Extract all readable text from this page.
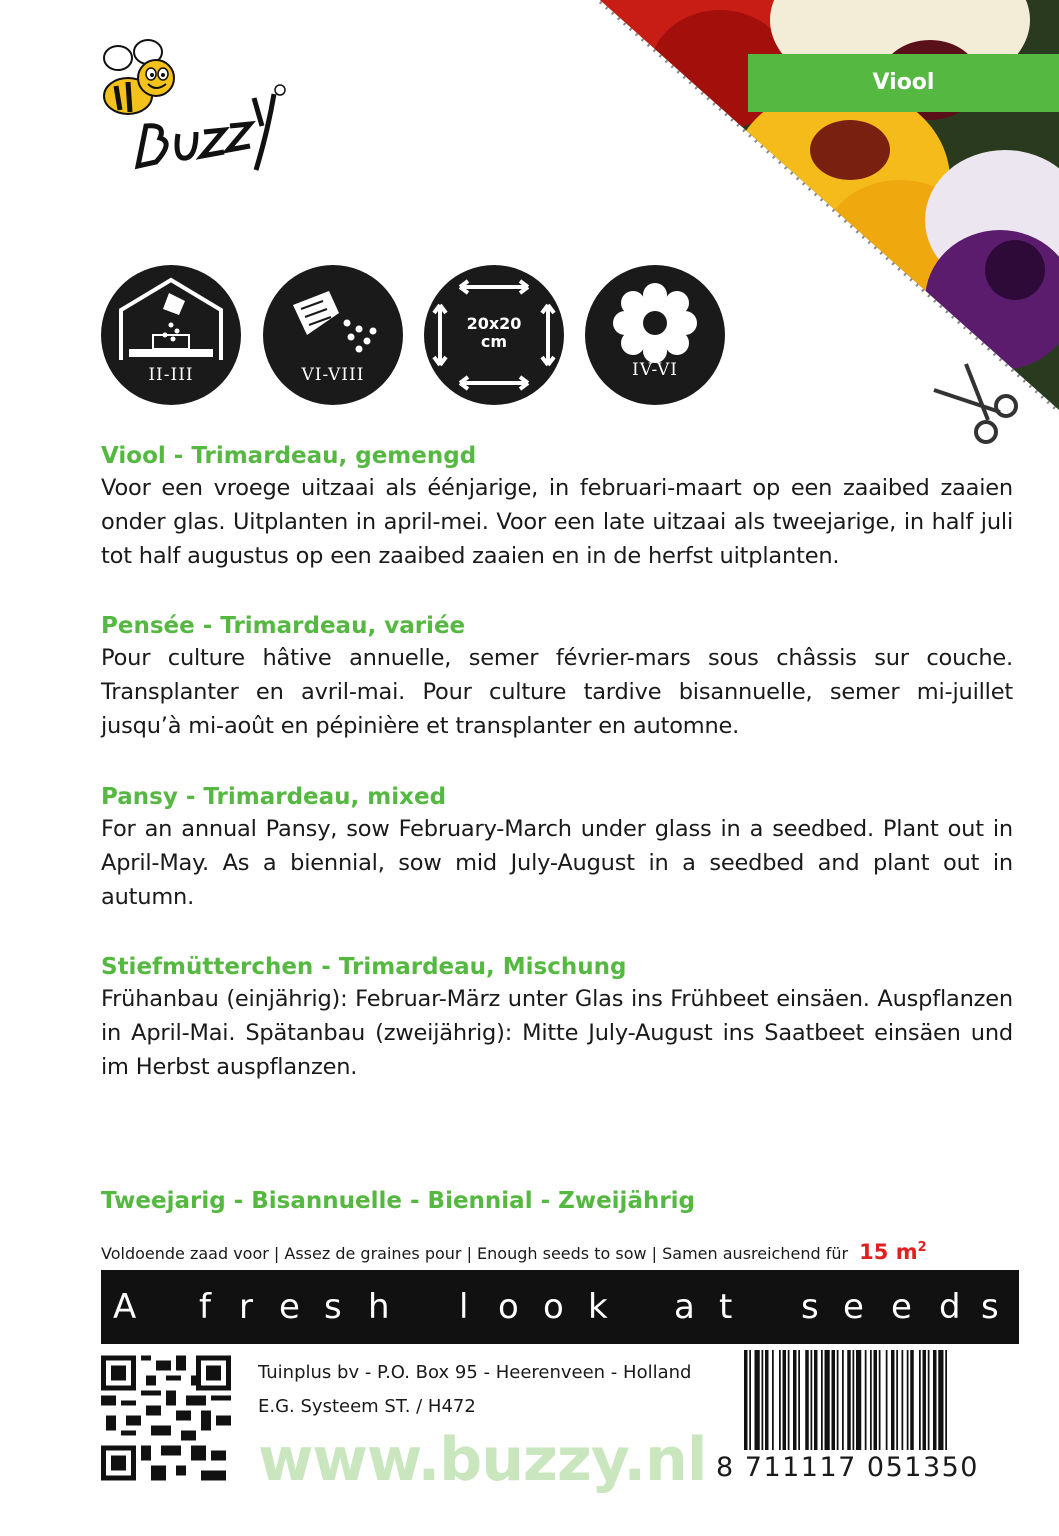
Viool
II-III	VI-VIII
20x20
cm
IV-VI

Viool - Trimardeau, gemengd

Voor een vroege uitzaai als éénjarige, in februari-maart op een zaaibed zaaien onder glas. Uitplanten in april-mei. Voor een late uitzaai als tweejarige, in half juli tot half augustus op een zaaibed zaaien en in de herfst uitplanten.

Pensée - Trimardeau, variée

Pour culture hâtive annuelle, semer février-mars sous châssis sur couche. Transplanter en avril-mai. Pour culture tardive bisannuelle, semer mi-juillet jusqu’à mi-août en pépinière et transplanter en automne.

Pansy - Trimardeau, mixed

For an annual Pansy, sow February-March under glass in a seedbed. Plant out in April-May. As a biennial, sow mid July-August in a seedbed and plant out in autumn.

Stiefmütterchen - Trimardeau, Mischung

Frühanbau (einjährig): Februar-März unter Glas ins Frühbeet einsäen. Auspflanzen in April-Mai. Spätanbau (zweijährig): Mitte July-August ins Saatbeet einsäen und im Herbst auspflanzen.

Tweejarig - Bisannuelle - Biennial - Zweijährig
Voldoende zaad voor | Assez de graines pour | Enough seeds to sow | Samen ausreichend für 15 $m^2$
A f r e s h l o o k a t s e e d s
Tuinplus bv - P.O. Box 95 - Heerenveen - Holland
E.G. Systeem ST. / H472
www.buzzy.nl 8 711117 051350
